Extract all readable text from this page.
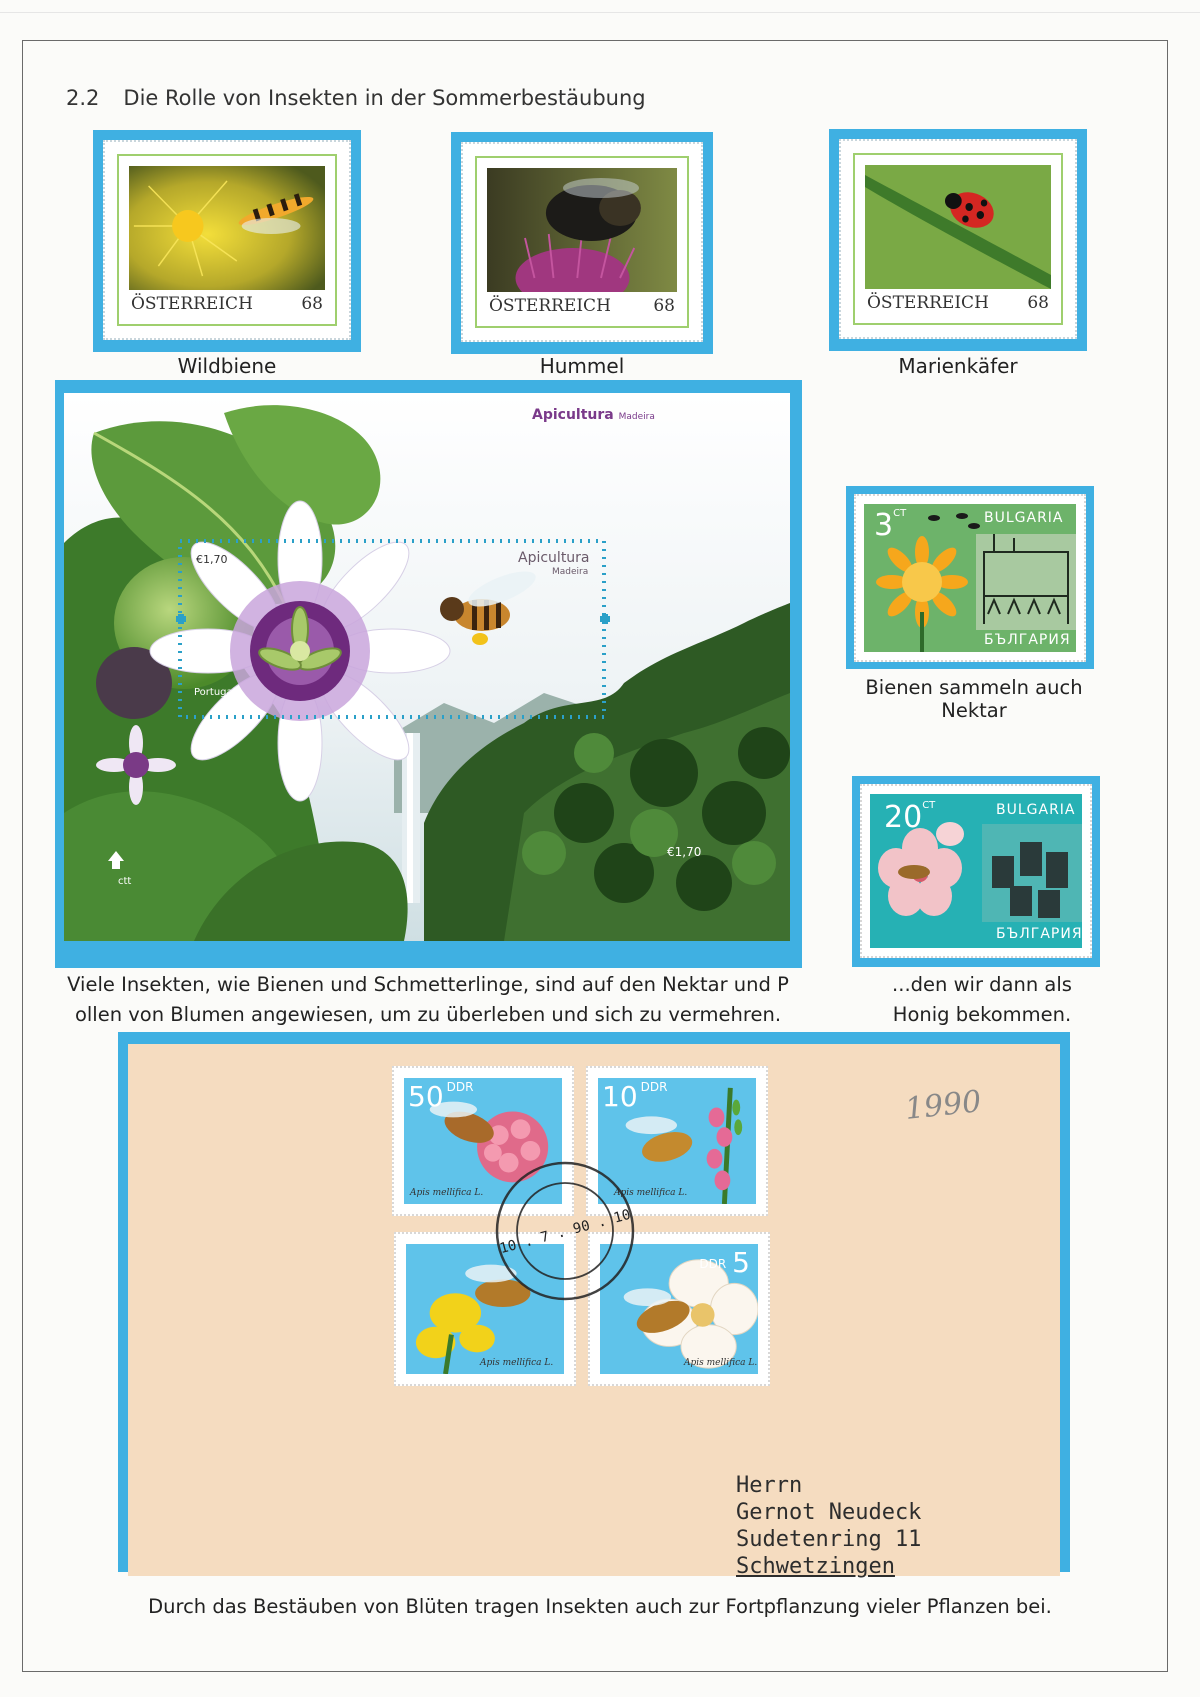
2.2 Die Rolle von Insekten in der Sommerbestäubung
ÖSTERREICH	68
Wildbiene
ÖSTERREICH 68
Hummel
ÖSTERREICH 68
Marienkäfer
Apicultura Madeira
Apicultura
Madeira
€1,70
Portugal
€1,70
ctt
$3^{СТ}$	BULGARIA
БЪЛГАРИЯ
Bienen sammeln auch Nektar
$20^{СТ}$	BULGARIA
БЪЛГАРИЯ
...den wir dann als
Honig bekommen.
Viele Insekten, wie Bienen und Schmetterlinge, sind auf den Nektar und P
ollen von Blumen angewiesen, um zu überleben und sich zu vermehren.
1990
50 $^{DDR}$
Apis mellifica L.
10 $^{DDR}$
Apis mellifica L.
Apis mellifica L.
DDR 5
Apis mellifica L.
10 . 7 . 90 . 10
Herrn
Gernot Neudeck
Sudetenring 11
Schwetzingen
Durch das Bestäuben von Blüten tragen Insekten auch zur Fortpflanzung vieler Pflanzen bei.
